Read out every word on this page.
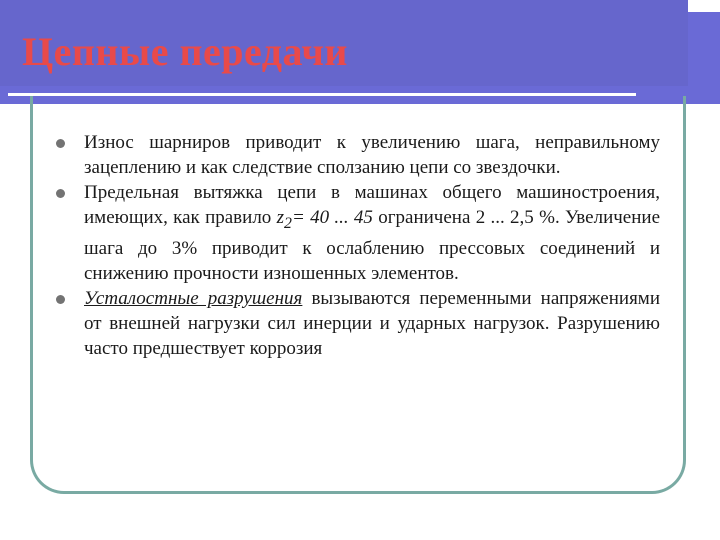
Цепные передачи
Износ шарниров приводит к увеличению шага, неправильному зацеплению и как следствие сползанию цепи со звездочки.
Предельная вытяжка цепи в машинах общего машиностроения, имеющих, как правило $z_2= 40$ ... 45 ограничена 2 ... 2,5 %. Увеличение шага до 3% приводит к ослаблению прессовых соединений и снижению прочности изношенных элементов.
Усталостные разрушения вызываются переменными напряжениями от внешней нагрузки сил инерции и ударных нагрузок. Разрушению часто предшествует коррозия
